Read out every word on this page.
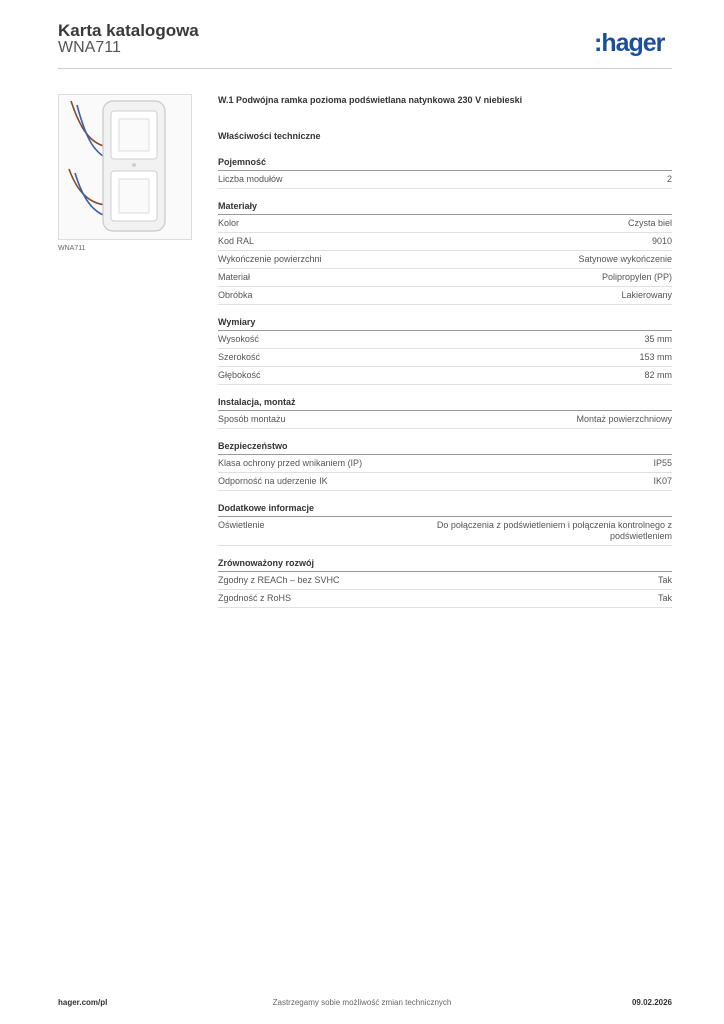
Karta katalogowa
WNA711	:hager
WNA711
W.1 Podwójna ramka pozioma podświetlana natynkowa 230 V niebieski
Właściwości techniczne
Pojemność
Liczba modułów	2
Materiały
Kolor	Czysta biel
Kod RAL	9010
Wykończenie powierzchni	Satynowe wykończenie
Materiał	Polipropylen (PP)
Obróbka	Lakierowany
Wymiary
Wysokość	35 mm
Szerokość	153 mm
Głębokość	82 mm
Instalacja, montaż
Sposób montażu	Montaż powierzchniowy
Bezpieczeństwo
Klasa ochrony przed wnikaniem (IP)	IP55
Odporność na uderzenie IK	IK07
Dodatkowe informacje
Oświetlenie	Do połączenia z podświetleniem i połączenia kontrolnego z podświetleniem
Zrównoważony rozwój
Zgodny z REACh – bez SVHC	Tak
Zgodność z RoHS	Tak
hager.com/pl	Zastrzegamy sobie możliwość zmian technicznych	09.02.2026
